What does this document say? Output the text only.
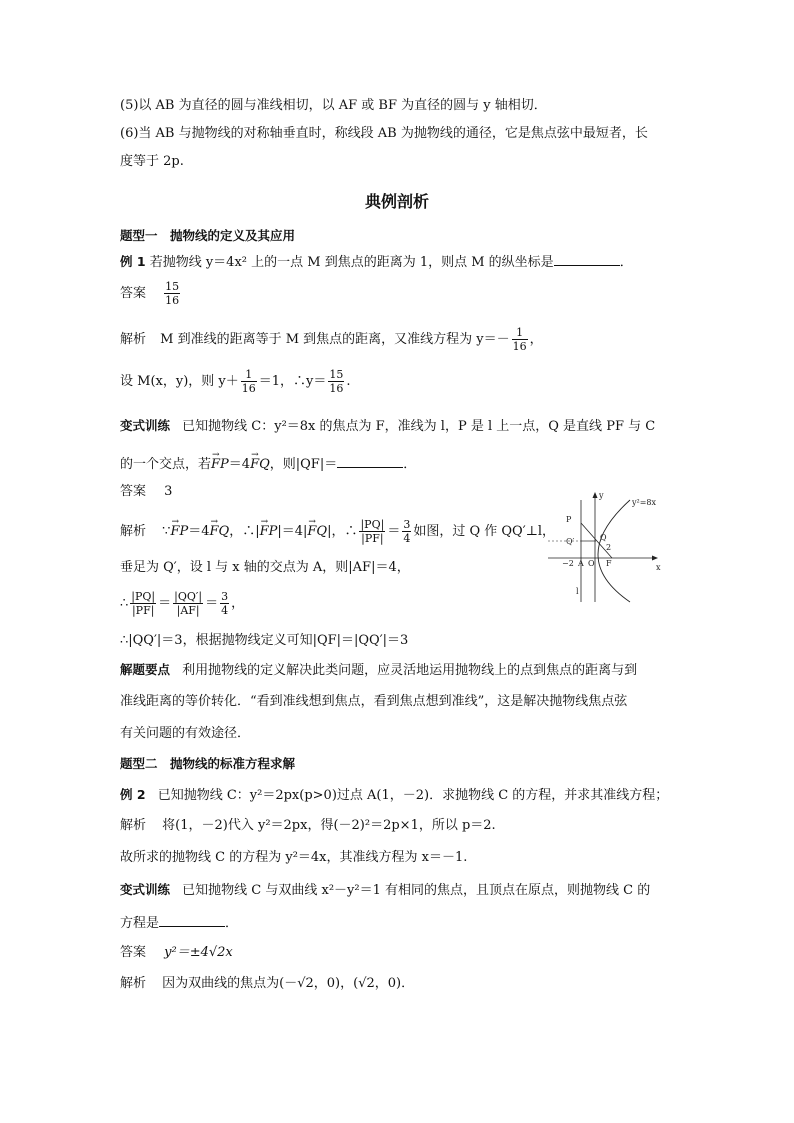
(5)以 AB 为直径的圆与准线相切，以 AF 或 BF 为直径的圆与 y 轴相切．
(6)当 AB 与抛物线的对称轴垂直时，称线段 AB 为抛物线的通径，它是焦点弦中最短者，长
度等于 2p.
典例剖析
题型一　抛物线的定义及其应用
例 1 若抛物线 y＝4x² 上的一点 M 到焦点的距离为 1，则点 M 的纵坐标是	．
答案 $\frac{15}{16}$
解析 M 到准线的距离等于 M 到焦点的距离，又准线方程为 $y=- \frac{1}{16}$ ，
设 M(x，y)，则 $y+ \frac{1}{16} =1$，∴y＝ $\frac{15}{16}$ .
变式训练 已知抛物线 C：y²＝8x 的焦点为 F，准线为 l，P 是 l 上一点，Q 是直线 PF 与 C
的一个交点，若→ FP＝4→ FQ，则|QF|＝	．
答案 3
解析 ∵→ FP＝4→ FQ，∴|→ FP|＝4|→ FQ|，∴ $\frac{|PQ|}{|PF|} = \frac{3}{4}$ 如图，过 Q 作 QQ′⊥l，
垂足为 Q′，设 l 与 x 轴的交点为 A，则|AF|＝4，
∴ $\frac{|PQ|}{|PF|} = \frac{|QQ'|}{|AF|} = \frac{3}{4}$ ，
∴|QQ′|＝3，根据抛物线定义可知|QF|＝|QQ′|＝3
y²=8x
y
x
P
Q′	Q
2
−2 A O F
l
解题要点 利用抛物线的定义解决此类问题，应灵活地运用抛物线上的点到焦点的距离与到
准线距离的等价转化．“看到准线想到焦点，看到焦点想到准线”，这是解决抛物线焦点弦
有关问题的有效途径．
题型二　抛物线的标准方程求解
例 2 已知抛物线 C：y²＝2px(p>0)过点 A(1，－2)．求抛物线 C 的方程，并求其准线方程；
解析 将(1，－2)代入 y²＝2px，得(－2)²＝2p×1，所以 p＝2.
故所求的抛物线 C 的方程为 y²＝4x，其准线方程为 x＝－1.
变式训练 已知抛物线 C 与双曲线 x²－y²＝1 有相同的焦点，且顶点在原点，则抛物线 C 的
方程是	．
答案 y²＝±4√2x
解析 因为双曲线的焦点为(－√2，0)，(√2，0)．
